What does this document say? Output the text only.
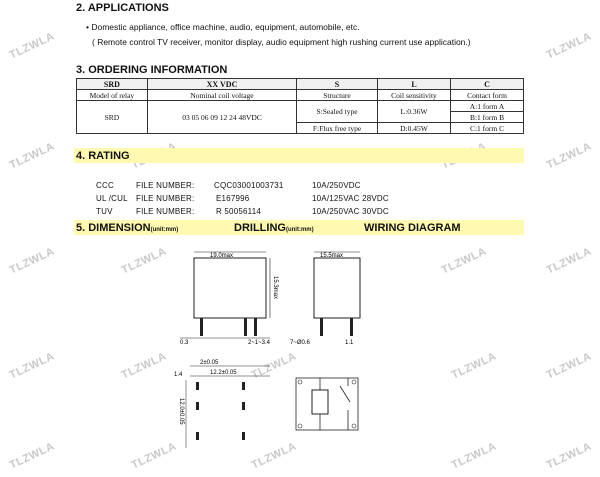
TLZWLA	TLZWLA
TLZWLA	TLZWLA
TLZWLA	TLZWLA	TLZWLA
TLZWLA	TLZWLA	TLZWLA	TLZWLA	TLZWLA
TLZWLA	TLZWLA	TLZWLA	TLZWLA	TLZWLA
TLZWLA
2. APPLICATIONS
• Domestic appliance, office machine, audio, equipment, automobile, etc.
( Remote control TV receiver, monitor display, audio equipment high rushing current use application.)
3. ORDERING INFORMATION
SRD	XX VDC	S	L	C
Model of relay	Nominal coil voltage	Structure	Coil sensitivity	Contact form
SRD	03 05 06 09 12 24 48VDC	S:Sealed type	L:0.36W	A:1 form A
				B:1 form B
		F:Flux free type	D:0.45W	C:1 form C
4. RATING
CCC	FILE NUMBER: CQC03001003731	10A/250VDC
UL /CUL FILE NUMBER:	E167996	10A/125VAC 28VDC
TUV	FILE NUMBER:	R 50056114	10A/250VAC 30VDC
5. DIMENSION(unit:mm)	DRILLING(unit:mm)	WIRING DIAGRAM
19.0max
15.3max
0.3	2~1~3.4
15.5max
7~Ø0.6	1.1
2±0.05
12.2±0.05
1.4
12.0±0.05
